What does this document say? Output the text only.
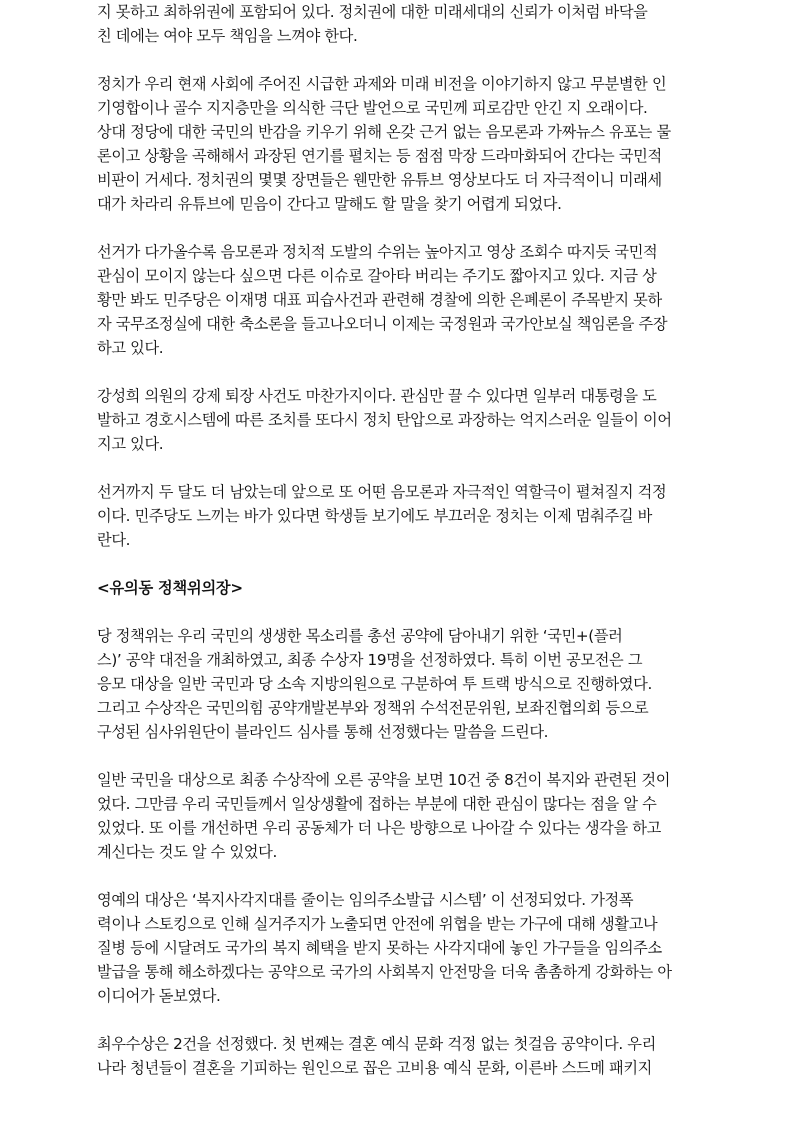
지 못하고 최하위권에 포함되어 있다. 정치권에 대한 미래세대의 신뢰가 이처럼 바닥을
친 데에는 여야 모두 책임을 느껴야 한다.
정치가 우리 현재 사회에 주어진 시급한 과제와 미래 비전을 이야기하지 않고 무분별한 인
기영합이나 골수 지지층만을 의식한 극단 발언으로 국민께 피로감만 안긴 지 오래이다.
상대 정당에 대한 국민의 반감을 키우기 위해 온갖 근거 없는 음모론과 가짜뉴스 유포는 물
론이고 상황을 곡해해서 과장된 연기를 펼치는 등 점점 막장 드라마화되어 간다는 국민적
비판이 거세다. 정치권의 몇몇 장면들은 웬만한 유튜브 영상보다도 더 자극적이니 미래세
대가 차라리 유튜브에 믿음이 간다고 말해도 할 말을 찾기 어렵게 되었다.
선거가 다가올수록 음모론과 정치적 도발의 수위는 높아지고 영상 조회수 따지듯 국민적
관심이 모이지 않는다 싶으면 다른 이슈로 갈아타 버리는 주기도 짧아지고 있다. 지금 상
황만 봐도 민주당은 이재명 대표 피습사건과 관련해 경찰에 의한 은폐론이 주목받지 못하
자 국무조정실에 대한 축소론을 들고나오더니 이제는 국정원과 국가안보실 책임론을 주장
하고 있다.
강성희 의원의 강제 퇴장 사건도 마찬가지이다. 관심만 끌 수 있다면 일부러 대통령을 도
발하고 경호시스템에 따른 조치를 또다시 정치 탄압으로 과장하는 억지스러운 일들이 이어
지고 있다.
선거까지 두 달도 더 남았는데 앞으로 또 어떤 음모론과 자극적인 역할극이 펼쳐질지 걱정
이다. 민주당도 느끼는 바가 있다면 학생들 보기에도 부끄러운 정치는 이제 멈춰주길 바
란다.
<유의동 정책위의장>
당 정책위는 우리 국민의 생생한 목소리를 총선 공약에 담아내기 위한 ‘국민+(플러
스)’ 공약 대전을 개최하였고, 최종 수상자 19명을 선정하였다. 특히 이번 공모전은 그
응모 대상을 일반 국민과 당 소속 지방의원으로 구분하여 투 트랙 방식으로 진행하였다.
그리고 수상작은 국민의힘 공약개발본부와 정책위 수석전문위원, 보좌진협의회 등으로
구성된 심사위원단이 블라인드 심사를 통해 선정했다는 말씀을 드린다.
일반 국민을 대상으로 최종 수상작에 오른 공약을 보면 10건 중 8건이 복지와 관련된 것이
었다. 그만큼 우리 국민들께서 일상생활에 접하는 부분에 대한 관심이 많다는 점을 알 수
있었다. 또 이를 개선하면 우리 공동체가 더 나은 방향으로 나아갈 수 있다는 생각을 하고
계신다는 것도 알 수 있었다.
영예의 대상은 ‘복지사각지대를 줄이는 임의주소발급 시스템’ 이 선정되었다. 가정폭
력이나 스토킹으로 인해 실거주지가 노출되면 안전에 위협을 받는 가구에 대해 생활고나
질병 등에 시달려도 국가의 복지 혜택을 받지 못하는 사각지대에 놓인 가구들을 임의주소
발급을 통해 해소하겠다는 공약으로 국가의 사회복지 안전망을 더욱 촘촘하게 강화하는 아
이디어가 돋보였다.
최우수상은 2건을 선정했다. 첫 번째는 결혼 예식 문화 걱정 없는 첫걸음 공약이다. 우리
나라 청년들이 결혼을 기피하는 원인으로 꼽은 고비용 예식 문화, 이른바 스드메 패키지
